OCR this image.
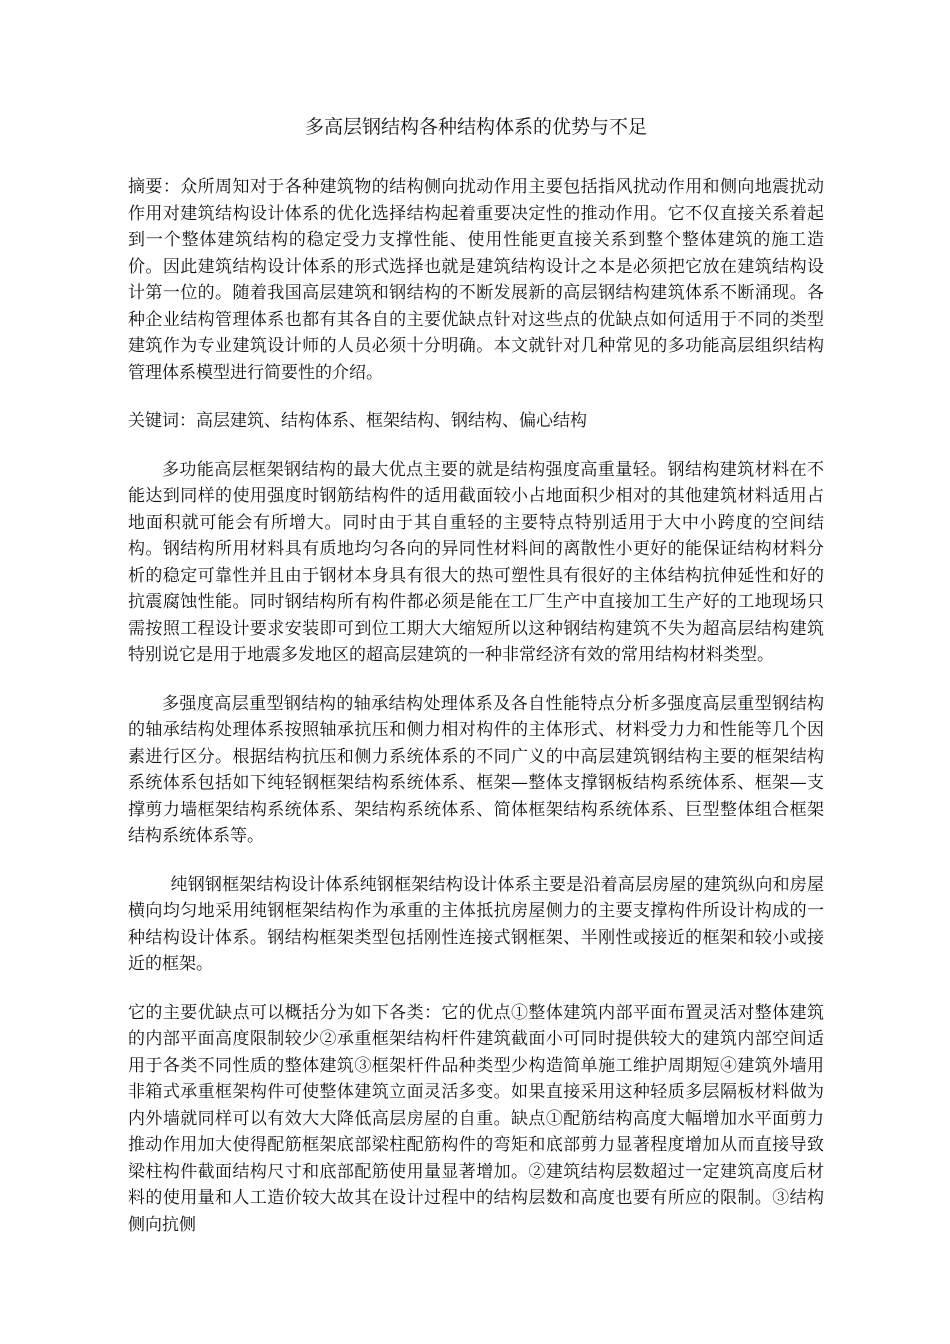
多高层钢结构各种结构体系的优势与不足

摘要：众所周知对于各种建筑物的结构侧向扰动作用主要包括指风扰动作用和侧向地震扰动作用对建筑结构设计体系的优化选择结构起着重要决定性的推动作用。它不仅直接关系着起到一个整体建筑结构的稳定受力支撑性能、使用性能更直接关系到整个整体建筑的施工造价。因此建筑结构设计体系的形式选择也就是建筑结构设计之本是必须把它放在建筑结构设计第一位的。随着我国高层建筑和钢结构的不断发展新的高层钢结构建筑体系不断涌现。各种企业结构管理体系也都有其各自的主要优缺点针对这些点的优缺点如何适用于不同的类型建筑作为专业建筑设计师的人员必须十分明确。本文就针对几种常见的多功能高层组织结构管理体系模型进行简要性的介绍。

关键词：高层建筑、结构体系、框架结构、钢结构、偏心结构

多功能高层框架钢结构的最大优点主要的就是结构强度高重量轻。钢结构建筑材料在不能达到同样的使用强度时钢筋结构件的适用截面较小占地面积少相对的其他建筑材料适用占地面积就可能会有所增大。同时由于其自重轻的主要特点特别适用于大中小跨度的空间结构。钢结构所用材料具有质地均匀各向的异同性材料间的离散性小更好的能保证结构材料分析的稳定可靠性并且由于钢材本身具有很大的热可塑性具有很好的主体结构抗伸延性和好的抗震腐蚀性能。同时钢结构所有构件都必须是能在工厂生产中直接加工生产好的工地现场只需按照工程设计要求安装即可到位工期大大缩短所以这种钢结构建筑不失为超高层结构建筑特别说它是用于地震多发地区的超高层建筑的一种非常经济有效的常用结构材料类型。

多强度高层重型钢结构的轴承结构处理体系及各自性能特点分析多强度高层重型钢结构的轴承结构处理体系按照轴承抗压和侧力相对构件的主体形式、材料受力力和性能等几个因素进行区分。根据结构抗压和侧力系统体系的不同广义的中高层建筑钢结构主要的框架结构系统体系包括如下纯轻钢框架结构系统体系、框架—整体支撑钢板结构系统体系、框架—支撑剪力墙框架结构系统体系、架结构系统体系、简体框架结构系统体系、巨型整体组合框架结构系统体系等。

纯钢钢框架结构设计体系纯钢框架结构设计体系主要是沿着高层房屋的建筑纵向和房屋横向均匀地采用纯钢框架结构作为承重的主体抵抗房屋侧力的主要支撑构件所设计构成的一种结构设计体系。钢结构框架类型包括刚性连接式钢框架、半刚性或接近的框架和较小或接近的框架。

它的主要优缺点可以概括分为如下各类：它的优点①整体建筑内部平面布置灵活对整体建筑的内部平面高度限制较少②承重框架结构杆件建筑截面小可同时提供较大的建筑内部空间适用于各类不同性质的整体建筑③框架杆件品种类型少构造简单施工维护周期短④建筑外墙用非箱式承重框架构件可使整体建筑立面灵活多变。如果直接采用这种轻质多层隔板材料做为内外墙就同样可以有效大大降低高层房屋的自重。缺点①配筋结构高度大幅增加水平面剪力推动作用加大使得配筋框架底部梁柱配筋构件的弯矩和底部剪力显著程度增加从而直接导致梁柱构件截面结构尺寸和底部配筋使用量显著增加。②建筑结构层数超过一定建筑高度后材料的使用量和人工造价较大故其在设计过程中的结构层数和高度也要有所应的限制。③结构侧向抗侧
